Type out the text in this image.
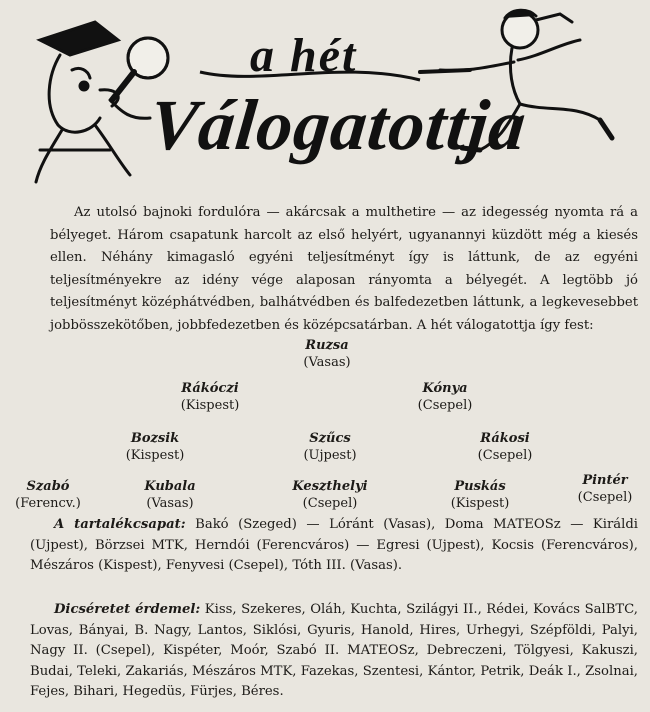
a hét
Válogatottja

Az utolsó bajnoki fordulóra — akárcsak a multhetire — az idegesség nyomta rá a bélyeget. Három csapatunk harcolt az első helyért, ugyanannyi küzdött még a kiesés ellen. Néhány kimagasló egyéni teljesítményt így is láttunk, de az egyéni teljesítményekre az idény vége alaposan rányomta a bélyegét. A legtöbb jó teljesítményt középhátvédben, balhátvédben és balfedezetben láttunk, a legkevesebbet jobbösszekötőben, jobbfedezetben és középcsatárban. A hét válogatottja így fest:

Ruzsa
(Vasas)
Rákóczi
(Kispest)
Kónya
(Csepel)
Bozsik
(Kispest)
Szűcs
(Ujpest)
Rákosi
(Csepel)
Szabó
(Ferencv.)
Kubala
(Vasas)
Keszthelyi
(Csepel)
Puskás
(Kispest)
Pintér
(Csepel)

A tartalékcsapat: Bakó (Szeged) — Lóránt (Vasas), Doma MATEOSz — Királdi (Ujpest), Börzsei MTK, Herndói (Ferencváros) — Egresi (Ujpest), Kocsis (Ferencváros), Mészáros (Kispest), Fenyvesi (Csepel), Tóth III. (Vasas).

Dicséretet érdemel: Kiss, Szekeres, Oláh, Kuchta, Szilágyi II., Rédei, Kovács SalBTC, Lovas, Bányai, B. Nagy, Lantos, Siklósi, Gyuris, Hanold, Hires, Urhegyi, Szépföldi, Palyi, Nagy II. (Csepel), Kispéter, Moór, Szabó II. MATEOSz, Debreczeni, Tölgyesi, Kakuszi, Budai, Teleki, Zakariás, Mészáros MTK, Fazekas, Szentesi, Kántor, Petrik, Deák I., Zsolnai, Fejes, Bihari, Hegedüs, Fürjes, Béres.
